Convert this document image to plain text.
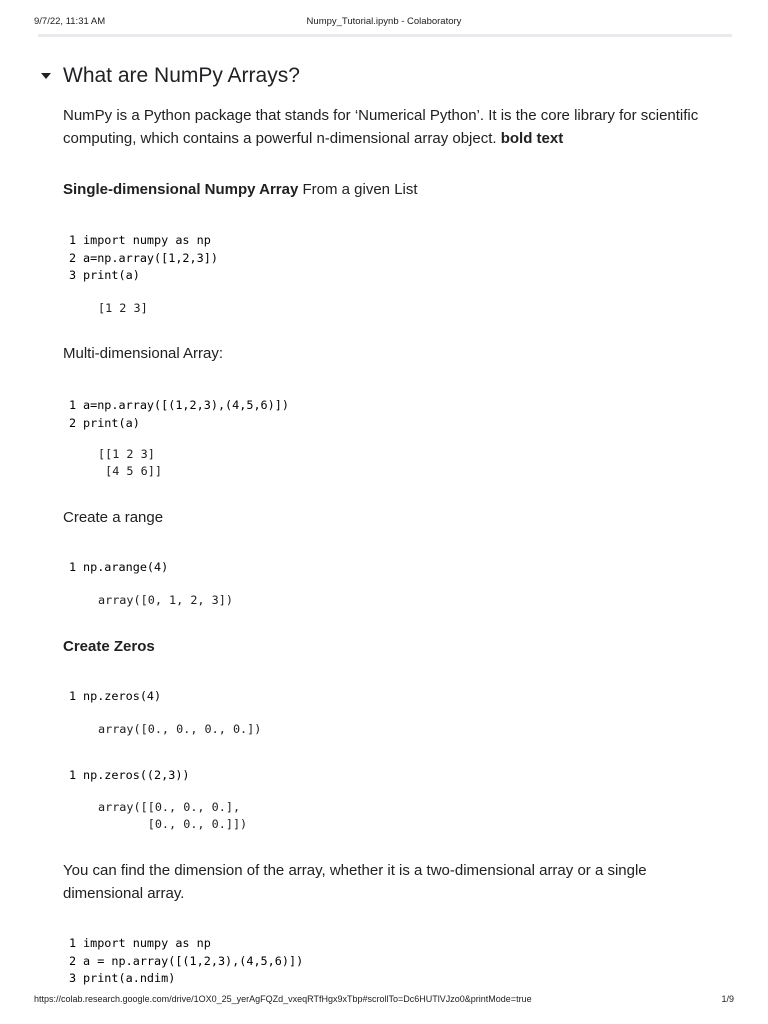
9/7/22, 11:31 AM	Numpy_Tutorial.ipynb - Colaboratory
What are NumPy Arrays?
NumPy is a Python package that stands for ‘Numerical Python’. It is the core library for scientific computing, which contains a powerful n-dimensional array object. bold text
Single-dimensional Numpy Array From a given List
1 import numpy as np
2 a=np.array([1,2,3])
3 print(a)
[1 2 3]
Multi-dimensional Array:
1 a=np.array([(1,2,3),(4,5,6)])
2 print(a)
[[1 2 3]
[4 5 6]]
Create a range
1 np.arange(4)
array([0, 1, 2, 3])
Create Zeros
1 np.zeros(4)
array([0., 0., 0., 0.])
1 np.zeros((2,3))
array([[0., 0., 0.],
[0., 0., 0.]])
You can find the dimension of the array, whether it is a two-dimensional array or a single dimensional array.
1 import numpy as np
2 a = np.array([(1,2,3),(4,5,6)])
3 print(a.ndim)
https://colab.research.google.com/drive/1OX0_25_yerAgFQZd_vxeqRTfHgx9xTbp#scrollTo=Dc6HUTlVJzo0&printMode=true	1/9
